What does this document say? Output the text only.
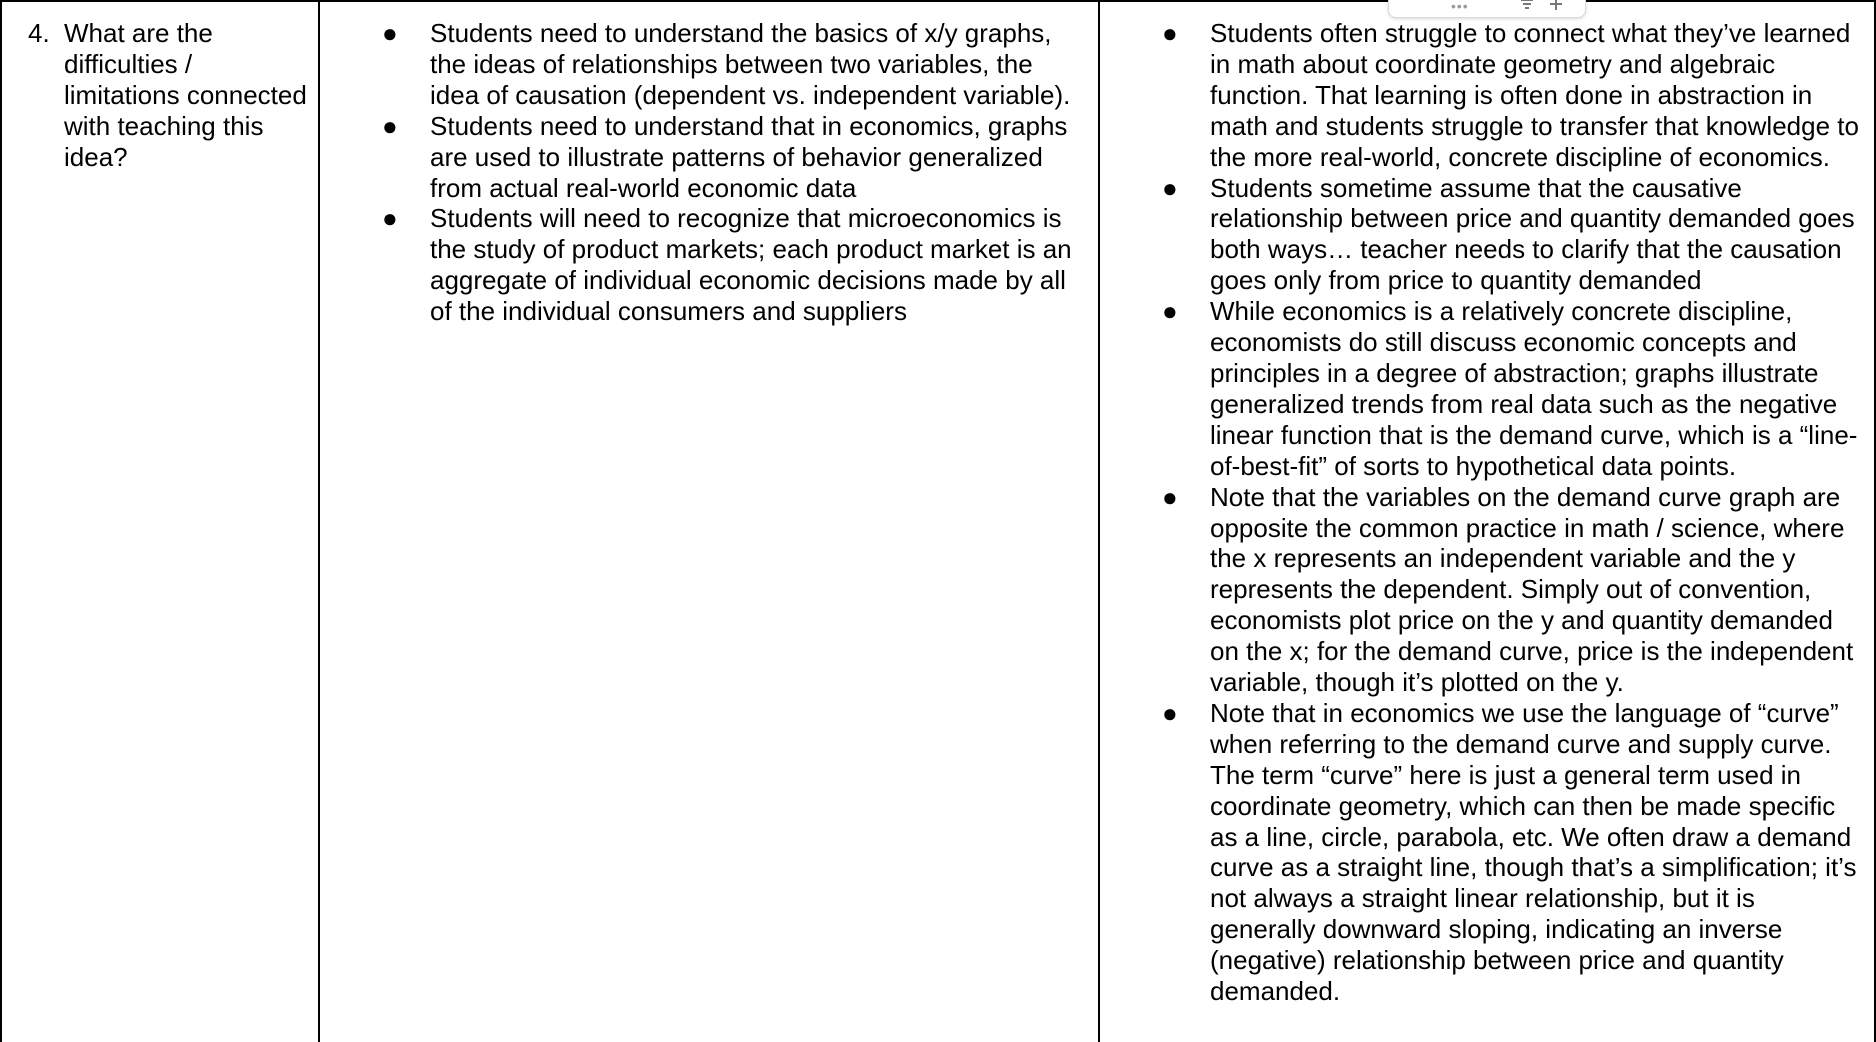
4. What are the difficulties / limitations connected with teaching this idea?

●	Students need to understand the basics of x/y graphs, the ideas of relationships between two variables, the idea of causation (dependent vs. independent variable).
●	Students need to understand that in economics, graphs are used to illustrate patterns of behavior generalized from actual real-world economic data
●	Students will need to recognize that microeconomics is the study of product markets; each product market is an aggregate of individual economic decisions made by all of the individual consumers and suppliers

●	Students often struggle to connect what they’ve learned in math about coordinate geometry and algebraic function. That learning is often done in abstraction in math and students struggle to transfer that knowledge to the more real-world, concrete discipline of economics.
●	Students sometime assume that the causative relationship between price and quantity demanded goes both ways… teacher needs to clarify that the causation goes only from price to quantity demanded
●	While economics is a relatively concrete discipline, economists do still discuss economic concepts and principles in a degree of abstraction; graphs illustrate generalized trends from real data such as the negative linear function that is the demand curve, which is a “line-of-best-fit” of sorts to hypothetical data points.
●	Note that the variables on the demand curve graph are opposite the common practice in math / science, where the x represents an independent variable and the y represents the dependent. Simply out of convention, economists plot price on the y and quantity demanded on the x; for the demand curve, price is the independent variable, though it’s plotted on the y.
●	Note that in economics we use the language of “curve” when referring to the demand curve and supply curve. The term “curve” here is just a general term used in coordinate geometry, which can then be made specific as a line, circle, parabola, etc. We often draw a demand curve as a straight line, though that’s a simplification; it’s not always a straight linear relationship, but it is generally downward sloping, indicating an inverse (negative) relationship between price and quantity demanded.
•••
